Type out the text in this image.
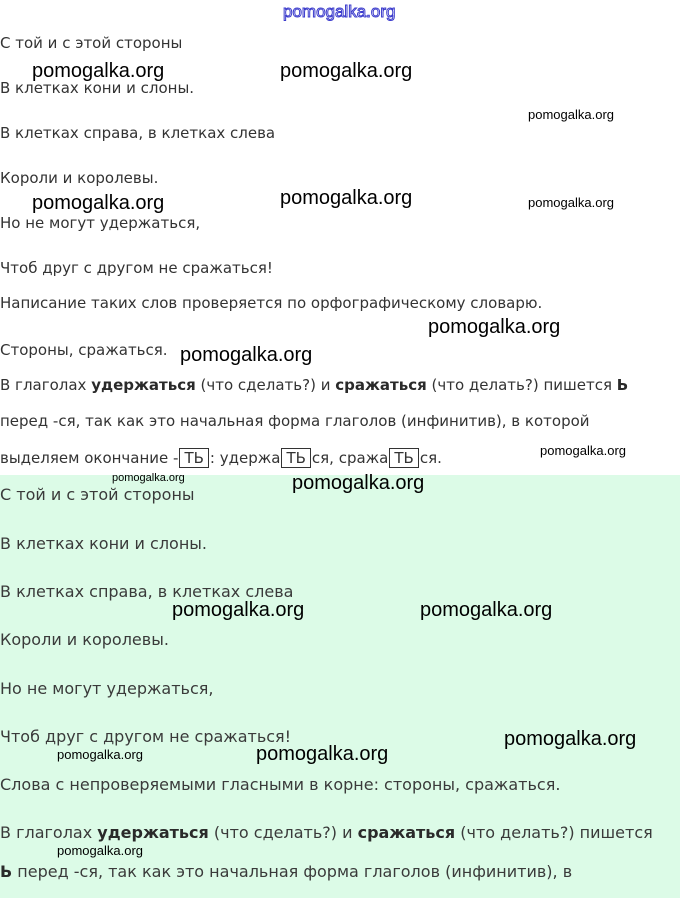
С той и с этой стороны

В клетках кони и слоны.

В клетках справа, в клетках слева

Короли и королевы.

Но не могут удержаться,

Чтоб друг с другом не сражаться!

Написание таких слов проверяется по орфографическому словарю.

Стороны, сражаться.

В глаголах удержаться (что сделать?) и сражаться (что делать?) пишется Ь

перед -ся, так как это начальная форма глаголов (инфинитив), в которой

выделяем окончание - ТЬ : удержа ТЬ ся, сража ТЬ ся.

С той и с этой стороны

В клетках кони и слоны.

В клетках справа, в клетках слева

Короли и королевы.

Но не могут удержаться,

Чтоб друг с другом не сражаться!

Слова с непроверяемыми гласными в корне: стороны, сражаться.

В глаголах удержаться (что сделать?) и сражаться (что делать?) пишется

Ь перед -ся, так как это начальная форма глаголов (инфинитив), в

pomogalka.org
pomogalka.org	pomogalka.org
pomogalka.org
pomogalka.org	pomogalka.org	pomogalka.org
pomogalka.org
pomogalka.org
pomogalka.org
pomogalka.org	pomogalka.org
pomogalka.org	pomogalka.org
pomogalka.org
pomogalka.org
pomogalka.org
pomogalka.org
